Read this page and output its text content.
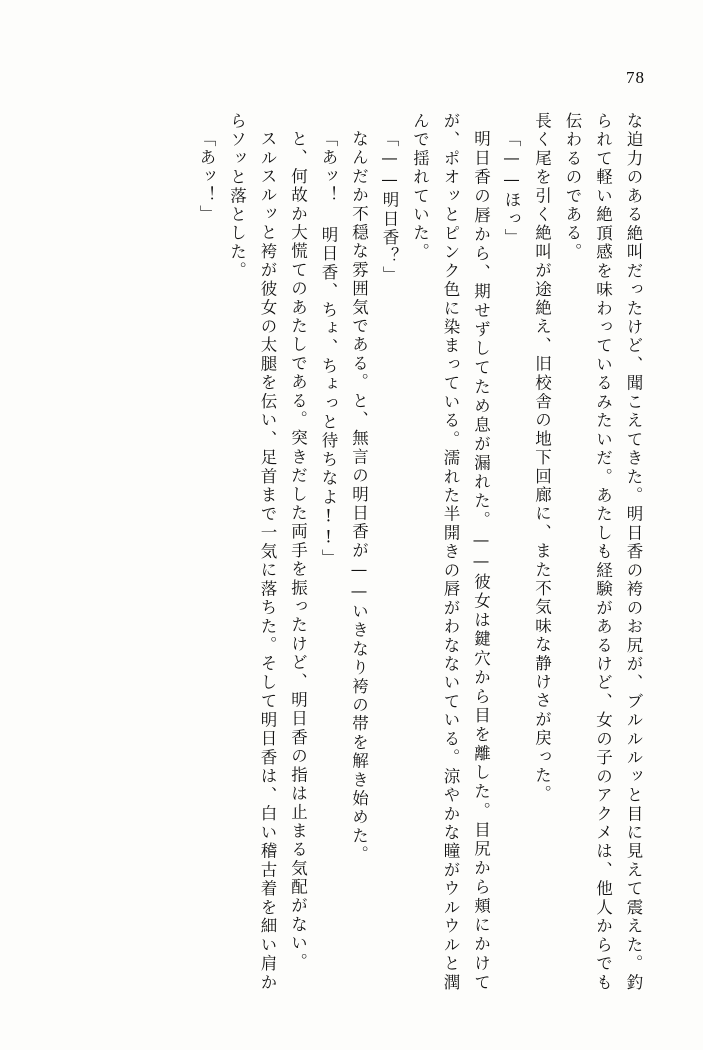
78

な迫力のある絶叫だったけど、聞こえてきた。明日香の袴のお尻が、ブルルルッと目に見えて震えた。釣られて軽い絶頂感を味わっているみたいだ。あたしも経験があるけど、女の子のアクメは、他人からでも伝わるのである。

長く尾を引く絶叫が途絶え、旧校舎の地下回廊に、また不気味な静けさが戻った。

「——ほっ」

明日香の唇から、期せずしてため息が漏れた。——彼女は鍵穴から目を離した。目尻から頬にかけてが、ポオッとピンク色に染まっている。濡れた半開きの唇がわなないている。涼やかな瞳がウルウルと潤んで揺れていた。

「——明日香？」

なんだか不穏な雰囲気である。と、無言の明日香が——いきなり袴の帯を解き始めた。

「あッ！ 明日香、ちょ、ちょっと待ちなよ!!」

と、何故か大慌てのあたしである。突きだした両手を振ったけど、明日香の指は止まる気配がない。

スルスルッと袴が彼女の太腿を伝い、足首まで一気に落ちた。そして明日香は、白い稽古着を細い肩からソッと落とした。

「あッ！」
